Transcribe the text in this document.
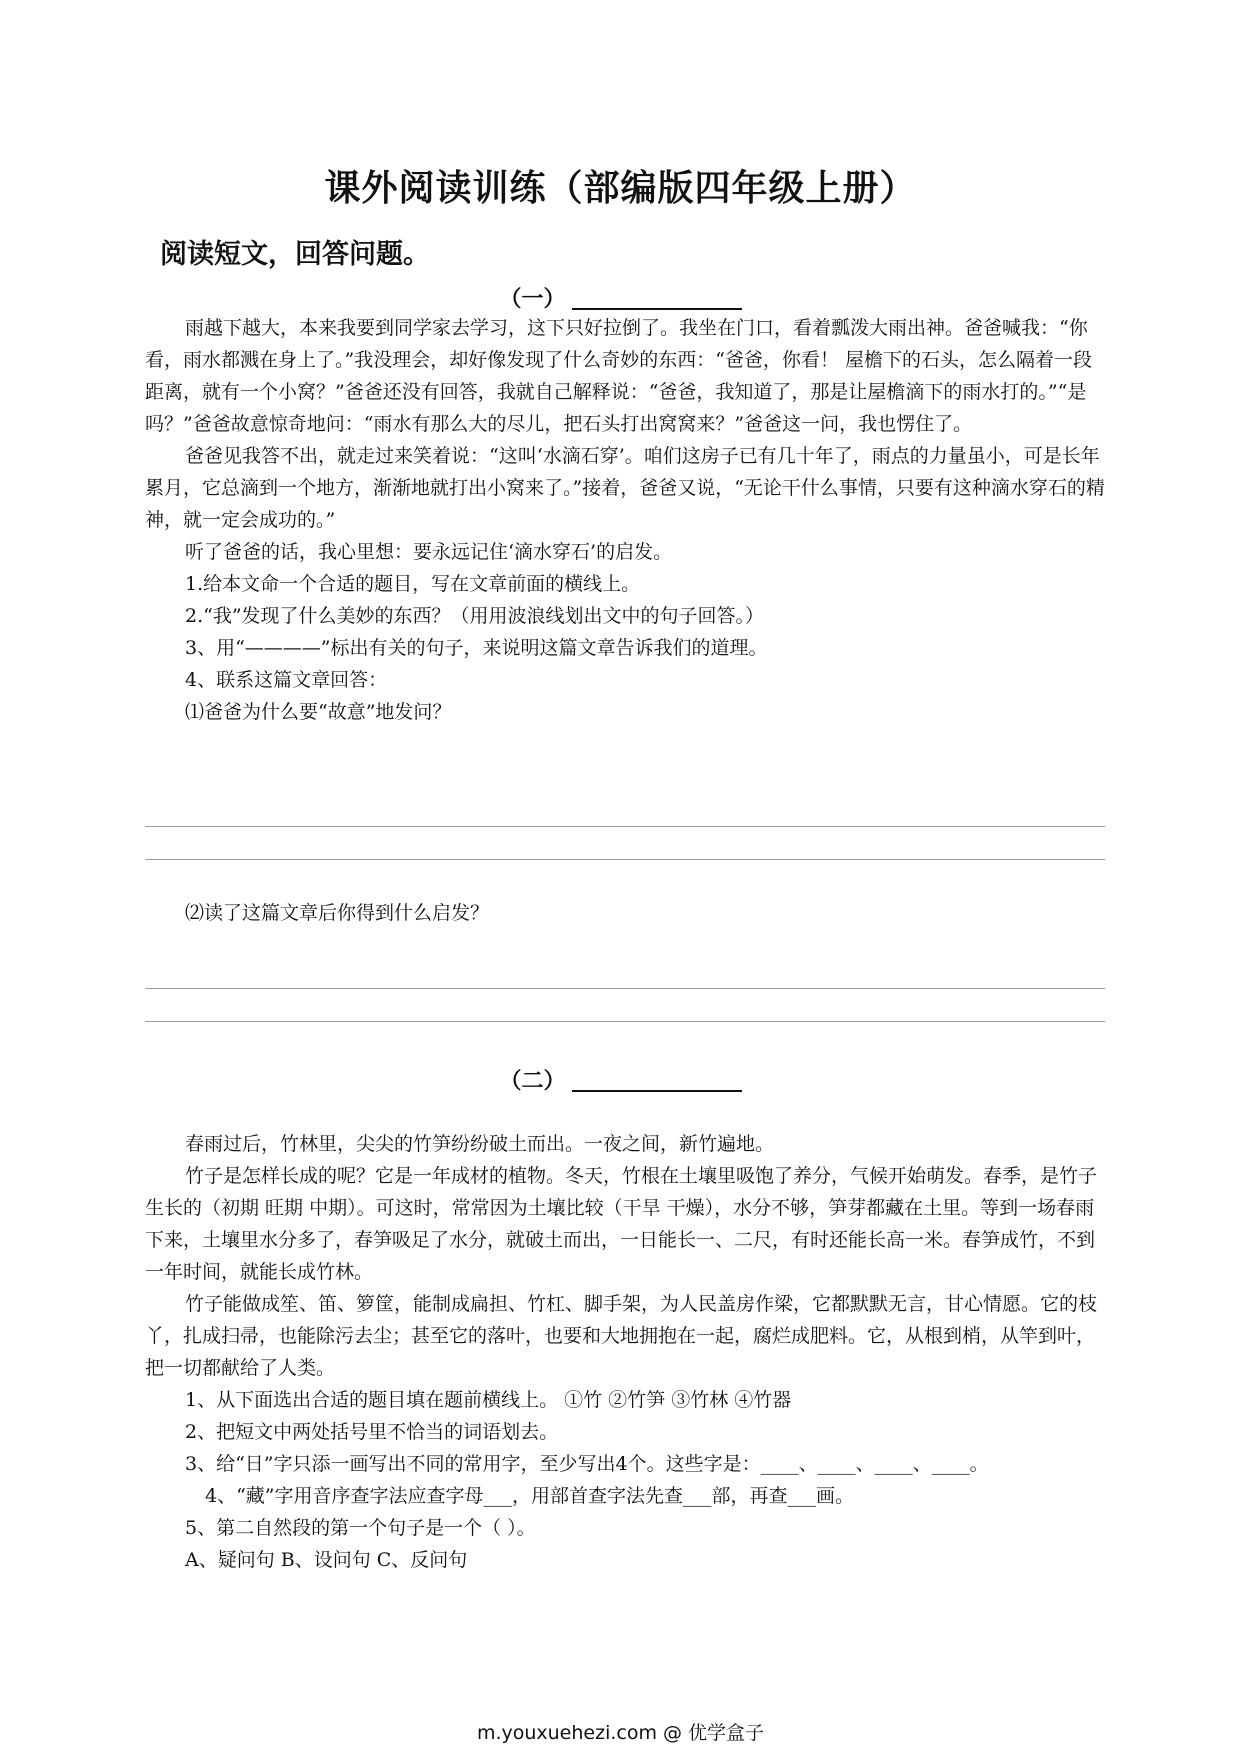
课外阅读训练（部编版四年级上册）
阅读短文，回答问题。
（一）

雨越下越大，本来我要到同学家去学习，这下只好拉倒了。我坐在门口，看着瓢泼大雨出神。爸爸喊我：“你看，雨水都溅在身上了。”我没理会，却好像发现了什么奇妙的东西：“爸爸，你看！ 屋檐下的石头，怎么隔着一段距离，就有一个小窝？”爸爸还没有回答，我就自己解释说：“爸爸，我知道了，那是让屋檐滴下的雨水打的。”“是吗？”爸爸故意惊奇地问：“雨水有那么大的尽儿，把石头打出窝窝来？”爸爸这一问，我也愣住了。

爸爸见我答不出，就走过来笑着说：“这叫‘水滴石穿’。咱们这房子已有几十年了，雨点的力量虽小，可是长年累月，它总滴到一个地方，渐渐地就打出小窝来了。”接着，爸爸又说，“无论干什么事情，只要有这种滴水穿石的精神，就一定会成功的。”

听了爸爸的话，我心里想：要永远记住‘滴水穿石’的启发。

1.给本文命一个合适的题目，写在文章前面的横线上。
2.“我”发现了什么美妙的东西？（用用波浪线划出文中的句子回答。）
3、用“————”标出有关的句子，来说明这篇文章告诉我们的道理。
4、联系这篇文章回答：
⑴爸爸为什么要“故意”地发问？
⑵读了这篇文章后你得到什么启发？
（二）

春雨过后，竹林里，尖尖的竹笋纷纷破土而出。一夜之间，新竹遍地。

竹子是怎样长成的呢？它是一年成材的植物。冬天，竹根在土壤里吸饱了养分，气候开始萌发。春季，是竹子生长的（初期 旺期 中期）。可这时，常常因为土壤比较（干旱 干燥），水分不够，笋芽都藏在土里。等到一场春雨下来，土壤里水分多了，春笋吸足了水分，就破土而出，一日能长一、二尺，有时还能长高一米。春笋成竹，不到一年时间，就能长成竹林。

竹子能做成笙、笛、箩筐，能制成扁担、竹杠、脚手架，为人民盖房作梁，它都默默无言，甘心情愿。它的枝丫，扎成扫帚，也能除污去尘；甚至它的落叶，也要和大地拥抱在一起，腐烂成肥料。它，从根到梢，从竿到叶，把一切都献给了人类。

1、从下面选出合适的题目填在题前横线上。 ①竹 ②竹笋 ③竹林 ④竹器
2、把短文中两处括号里不恰当的词语划去。
3、给“日”字只添一画写出不同的常用字，至少写出4个。这些字是：____、____、____、____。
4、“藏”字用音序查字法应查字母___，用部首查字法先查___部，再查___画。
5、第二自然段的第一个句子是一个（ ）。
A、疑问句 B、设问句 C、反问句
m.youxuehezi.com @ 优学盒子
